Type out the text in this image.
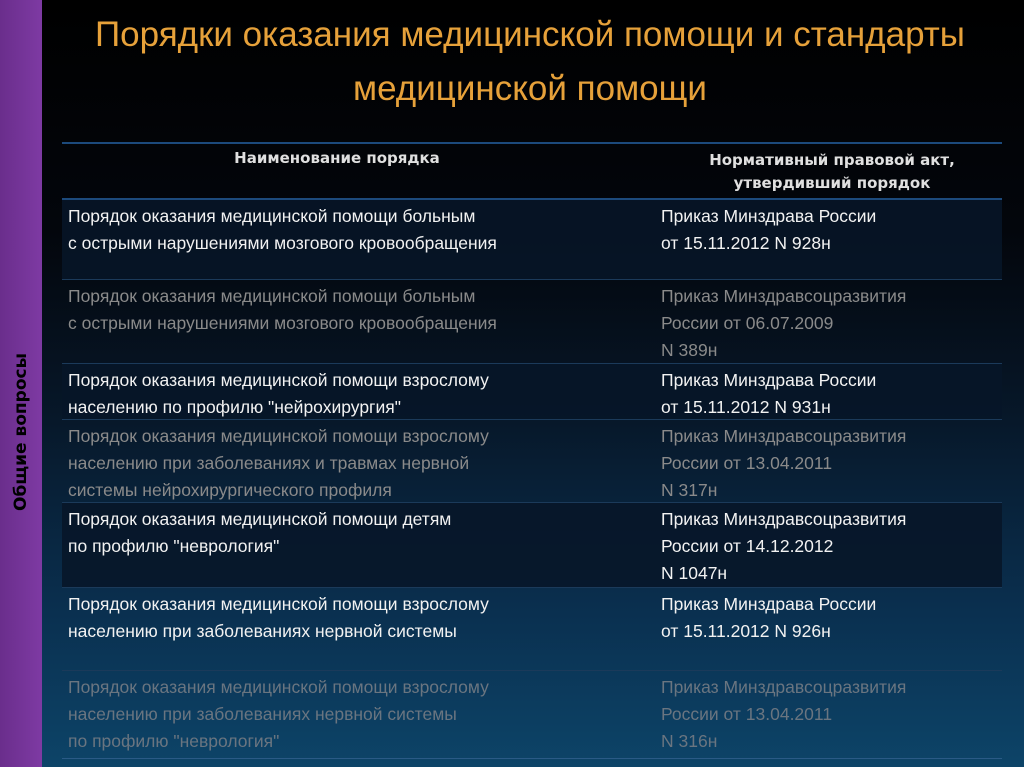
Общие вопросы
Порядки оказания медицинской помощи и стандарты медицинской помощи
Наименование порядка	Нормативный правовой акт,
утвердивший порядок
Порядок оказания медицинской помощи больным
с острыми нарушениями мозгового кровообращения
Приказ Минздрава России
от 15.11.2012 N 928н
Порядок оказания медицинской помощи больным
с острыми нарушениями мозгового кровообращения
Приказ Минздравсоцразвития
России от 06.07.2009
N 389н
Порядок оказания медицинской помощи взрослому
населению по профилю "нейрохирургия"
Приказ Минздрава России
от 15.11.2012 N 931н
Порядок оказания медицинской помощи взрослому
населению при заболеваниях и травмах нервной
системы нейрохирургического профиля
Приказ Минздравсоцразвития
России от 13.04.2011
N 317н
Порядок оказания медицинской помощи детям
по профилю "неврология"
Приказ Минздравсоцразвития
России от 14.12.2012
N 1047н
Порядок оказания медицинской помощи взрослому
населению при заболеваниях нервной системы
Приказ Минздрава России
от 15.11.2012 N 926н
Порядок оказания медицинской помощи взрослому
населению при заболеваниях нервной системы
по профилю "неврология"
Приказ Минздравсоцразвития
России от 13.04.2011
N 316н
